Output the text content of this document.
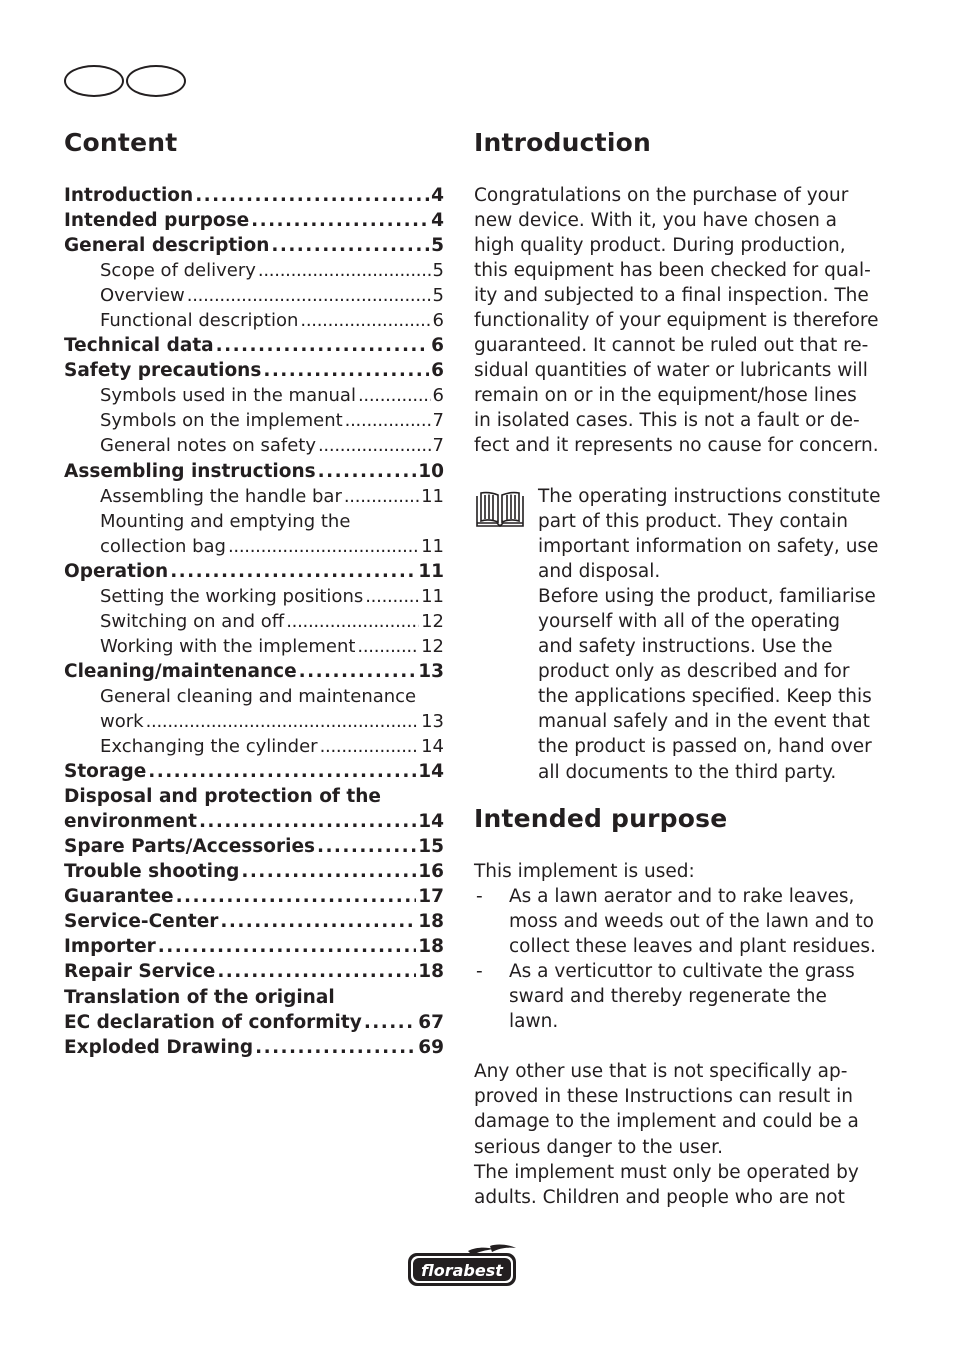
Content	Introduction
Intended purpose
Introduction . . .	4
Intended purpose . . .	4
General description . . .	5
Scope of delivery . . .	5
Overview . . .	5
Functional description . . .	6
Technical data . . .	6
Safety precautions . . .	6
Symbols used in the manual . . .	6
Symbols on the implement . . .	7
General notes on safety . . .	7
Assembling instructions . . .	10
Assembling the handle bar . . .	11
Mounting and emptying the
collection bag . . .	11
Operation . . .	11
Setting the working positions . . .	11
Switching on and off . . .	12
Working with the implement . . .	12
Cleaning/maintenance . . .	13
General cleaning and maintenance
work . . .	13
Exchanging the cylinder . . .	14
Storage . . .	14
Disposal and protection of the
environment . . .	14
Spare Parts/Accessories . . .	15
Trouble shooting . . .	16
Guarantee . . .	17
Service-Center . . .	18
Importer . . .	18
Repair Service . . .	18
Translation of the original
EC declaration of conformity . . .	67
Exploded Drawing . . .	69
Congratulations on the purchase of your
new device. With it, you have chosen a
high quality product. During production,
this equipment has been checked for qual-
ity and subjected to a final inspection. The
functionality of your equipment is therefore
guaranteed. It cannot be ruled out that re-
sidual quantities of water or lubricants will
remain on or in the equipment/hose lines
in isolated cases. This is not a fault or de-
fect and it represents no cause for concern.
The operating instructions constitute
part of this product. They contain
important information on safety, use
and disposal.
Before using the product, familiarise
yourself with all of the operating
and safety instructions. Use the
product only as described and for
the applications specified. Keep this
manual safely and in the event that
the product is passed on, hand over
all documents to the third party.
This implement is used:
- As a lawn aerator and to rake leaves,
moss and weeds out of the lawn and to
collect these leaves and plant residues.
- As a verticuttor to cultivate the grass
sward and thereby regenerate the
lawn.
Any other use that is not specifically ap-
proved in these Instructions can result in
damage to the implement and could be a
serious danger to the user.
The implement must only be operated by
adults. Children and people who are not
florabest
